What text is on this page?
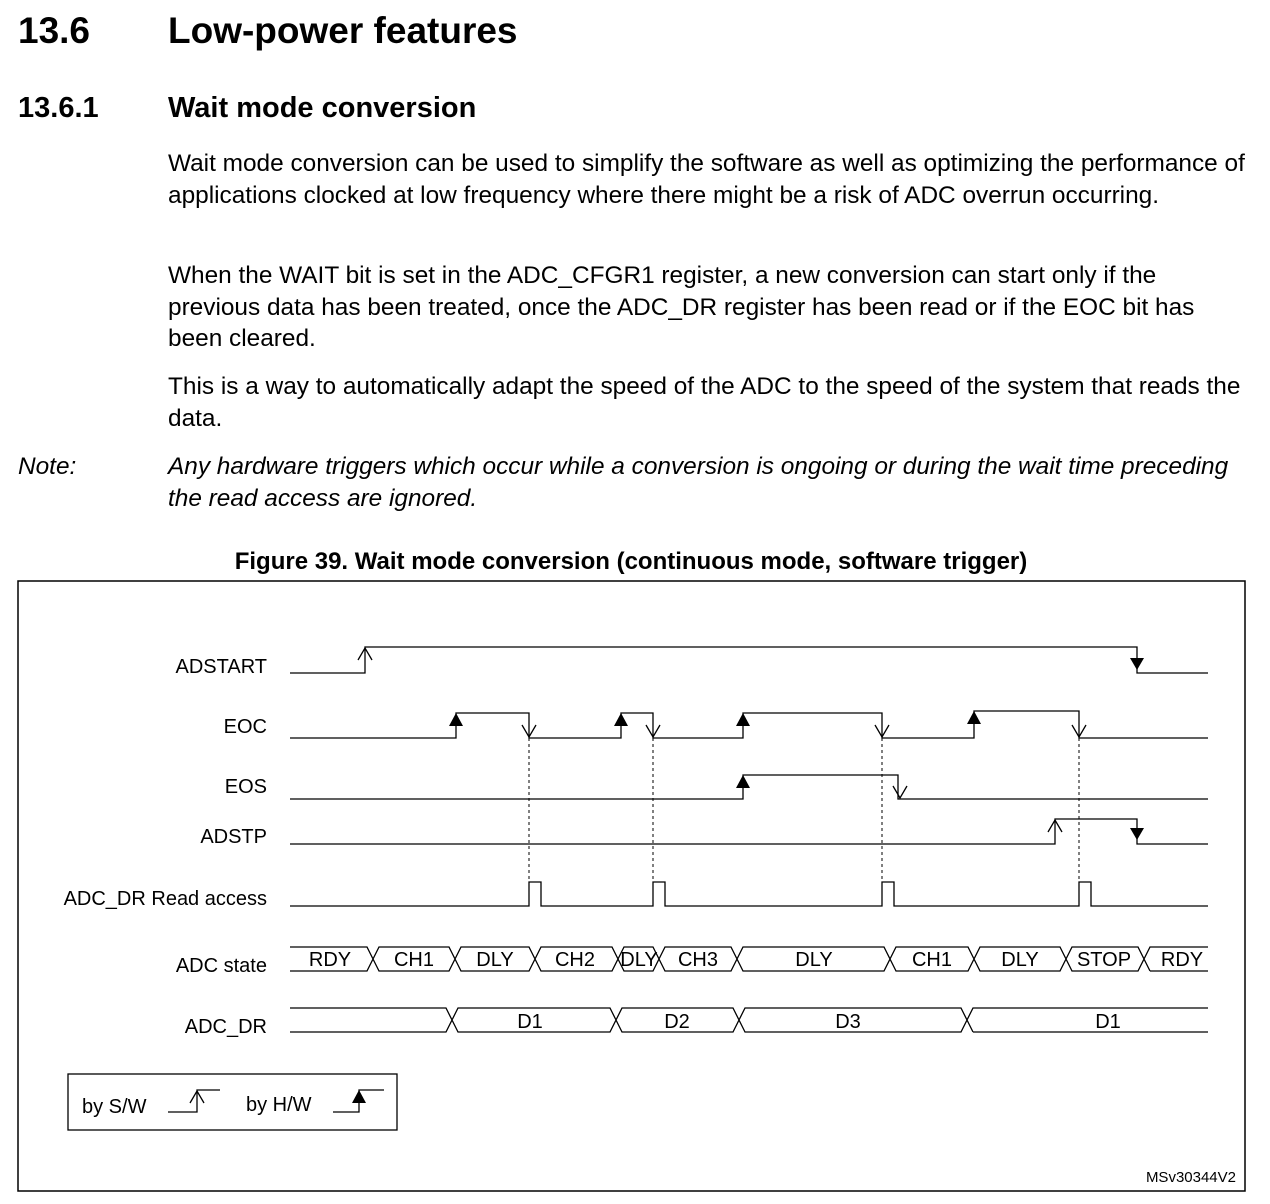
13.6 Low-power features
13.6.1 Wait mode conversion

Wait mode conversion can be used to simplify the software as well as optimizing the performance of applications clocked at low frequency where there might be a risk of ADC overrun occurring.

When the WAIT bit is set in the ADC_CFGR1 register, a new conversion can start only if the previous data has been treated, once the ADC_DR register has been read or if the EOC bit has been cleared.

This is a way to automatically adapt the speed of the ADC to the speed of the system that reads the data.

Note:	Any hardware triggers which occur while a conversion is ongoing or during the wait time preceding the read access are ignored.

Figure 39. Wait mode conversion (continuous mode, software trigger)
ADSTART
EOC
EOS
ADSTP
ADC_DR Read access
ADC state
ADC_DR
RDY CH1 DLY CH2 DLY CH3	DLY	CH1 DLY STOP RDY
D1	D2	D3	D1
by S/W	by H/W
MSv30344V2
